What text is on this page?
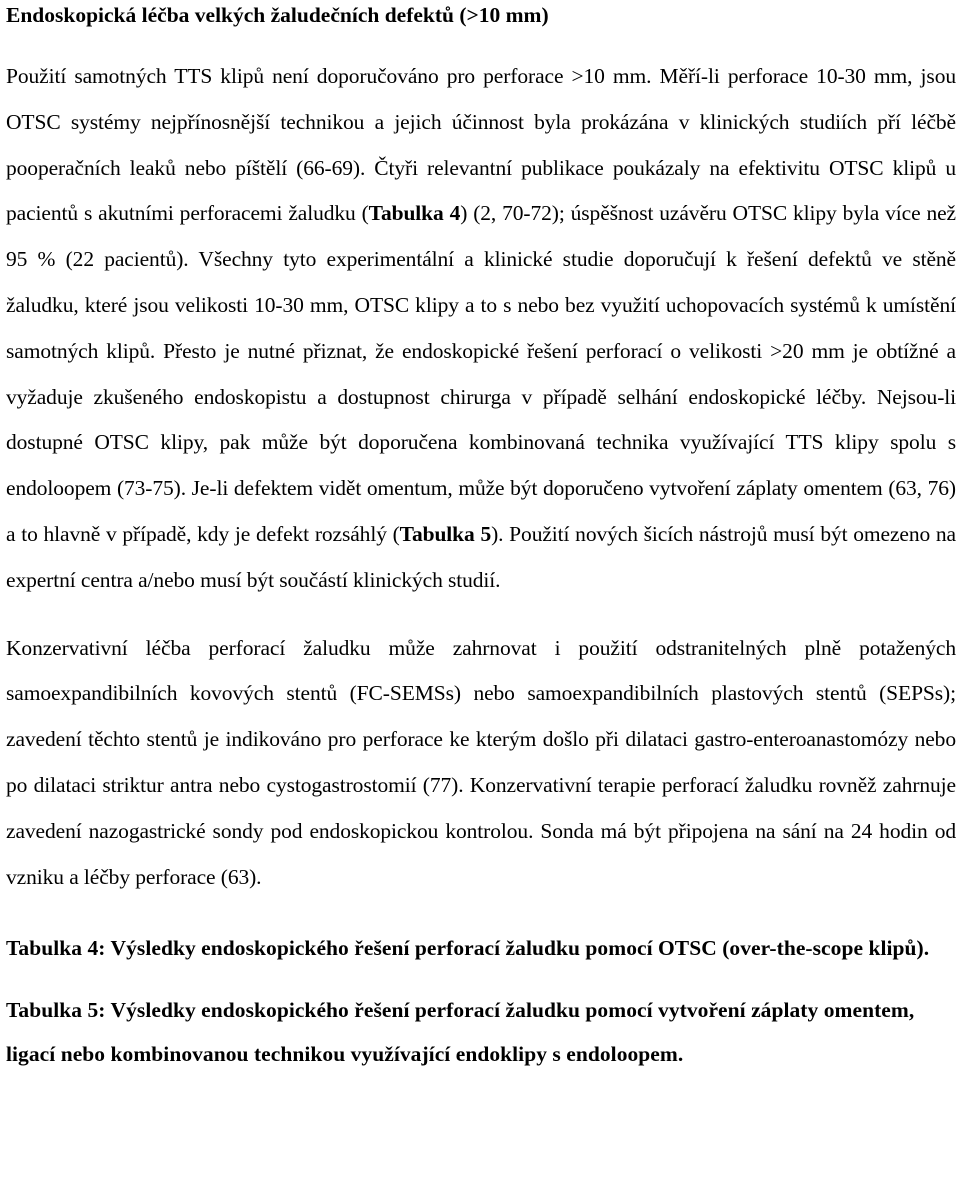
Endoskopická léčba velkých žaludečních defektů (>10 mm)

Použití samotných TTS klipů není doporučováno pro perforace >10 mm. Měří-li perforace 10-30 mm, jsou OTSC systémy nejpřínosnější technikou a jejich účinnost byla prokázána v klinických studiích pří léčbě pooperačních leaků nebo píštělí (66-69). Čtyři relevantní publikace poukázaly na efektivitu OTSC klipů u pacientů s akutními perforacemi žaludku (Tabulka 4) (2, 70-72); úspěšnost uzávěru OTSC klipy byla více než 95 % (22 pacientů). Všechny tyto experimentální a klinické studie doporučují k řešení defektů ve stěně žaludku, které jsou velikosti 10-30 mm, OTSC klipy a to s nebo bez využití uchopovacích systémů k umístění samotných klipů. Přesto je nutné přiznat, že endoskopické řešení perforací o velikosti >20 mm je obtížné a vyžaduje zkušeného endoskopistu a dostupnost chirurga v případě selhání endoskopické léčby. Nejsou-li dostupné OTSC klipy, pak může být doporučena kombinovaná technika využívající TTS klipy spolu s endoloopem (73-75). Je-li defektem vidět omentum, může být doporučeno vytvoření záplaty omentem (63, 76) a to hlavně v případě, kdy je defekt rozsáhlý (Tabulka 5). Použití nových šicích nástrojů musí být omezeno na expertní centra a/nebo musí být součástí klinických studií.

Konzervativní léčba perforací žaludku může zahrnovat i použití odstranitelných plně potažených samoexpandibilních kovových stentů (FC-SEMSs) nebo samoexpandibilních plastových stentů (SEPSs); zavedení těchto stentů je indikováno pro perforace ke kterým došlo při dilataci gastro-enteroanastomózy nebo po dilataci striktur antra nebo cystogastrostomií (77). Konzervativní terapie perforací žaludku rovněž zahrnuje zavedení nazogastrické sondy pod endoskopickou kontrolou. Sonda má být připojena na sání na 24 hodin od vzniku a léčby perforace (63).

Tabulka 4: Výsledky endoskopického řešení perforací žaludku pomocí OTSC (over-the-scope klipů).

Tabulka 5: Výsledky endoskopického řešení perforací žaludku pomocí vytvoření záplaty omentem, ligací nebo kombinovanou technikou využívající endoklipy s endoloopem.
